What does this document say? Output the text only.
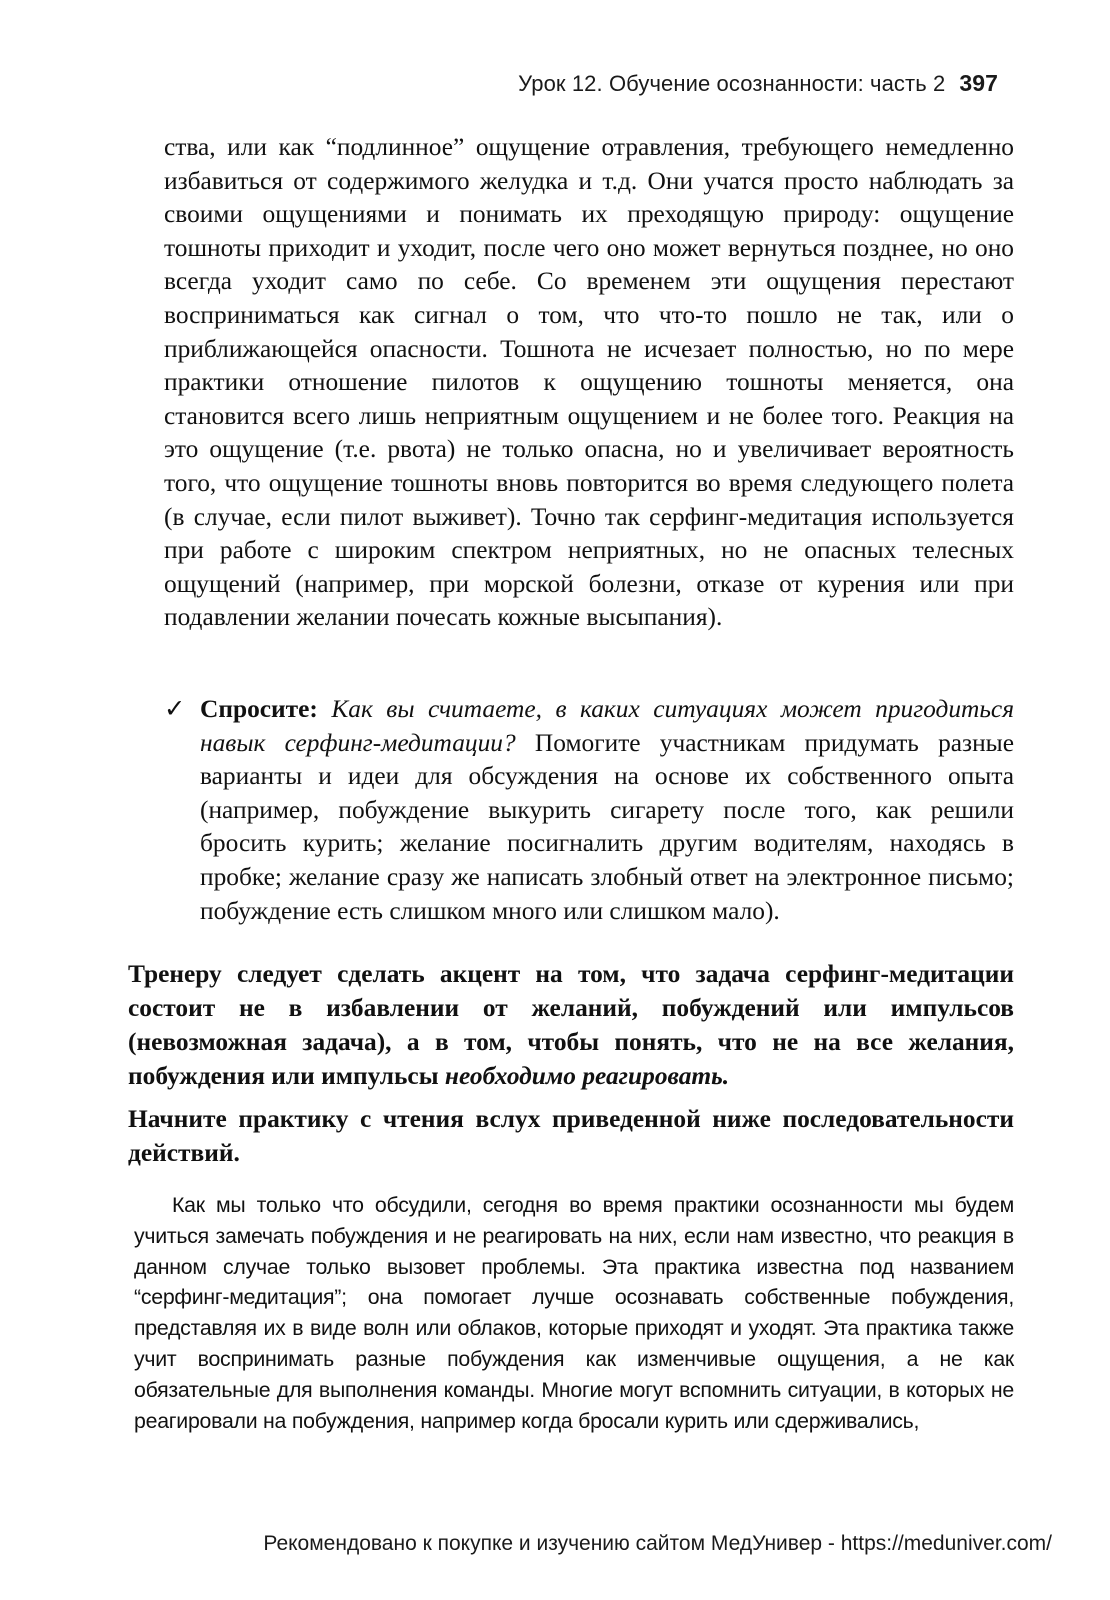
Урок 12. Обучение осознанности: часть 2 397

ства, или как “подлинное” ощущение отравления, требующего немедленно избавиться от содержимого желудка и т.д. Они учатся просто наблюдать за своими ощущениями и понимать их преходящую природу: ощущение тошноты приходит и уходит, после чего оно может вернуться позднее, но оно всегда уходит само по себе. Со временем эти ощущения перестают восприниматься как сигнал о том, что что-то пошло не так, или о приближающейся опасности. Тошнота не исчезает полностью, но по мере практики отношение пилотов к ощущению тошноты меняется, она становится всего лишь неприятным ощущением и не более того. Реакция на это ощущение (т.е. рвота) не только опасна, но и увеличивает вероятность того, что ощущение тошноты вновь повторится во время следующего полета (в случае, если пилот выживет). Точно так серфинг-медитация используется при работе с широким спектром неприятных, но не опасных телесных ощущений (например, при морской болезни, отказе от курения или при подавлении желании почесать кожные высыпания).

✓ Спросите: Как вы считаете, в каких ситуациях может пригодиться навык серфинг-медитации? Помогите участникам придумать разные варианты и идеи для обсуждения на основе их собственного опыта (например, побуждение выкурить сигарету после того, как решили бросить курить; желание посигналить другим водителям, находясь в пробке; желание сразу же написать злобный ответ на электронное письмо; побуждение есть слишком много или слишком мало).

Тренеру следует сделать акцент на том, что задача серфинг-медитации состоит не в избавлении от желаний, побуждений или импульсов (невозможная задача), а в том, чтобы понять, что не на все желания, побуждения или импульсы необходимо реагировать.

Начните практику с чтения вслух приведенной ниже последовательности действий.

Как мы только что обсудили, сегодня во время практики осознанности мы будем учиться замечать побуждения и не реагировать на них, если нам известно, что реакция в данном случае только вызовет проблемы. Эта практика известна под названием “серфинг-медитация”; она помогает лучше осознавать собственные побуждения, представляя их в виде волн или облаков, которые приходят и уходят. Эта практика также учит воспринимать разные побуждения как изменчивые ощущения, а не как обязательные для выполнения команды. Многие могут вспомнить ситуации, в которых не реагировали на побуждения, например когда бросали курить или сдерживались,

Рекомендовано к покупке и изучению сайтом МедУнивер - https://meduniver.com/
